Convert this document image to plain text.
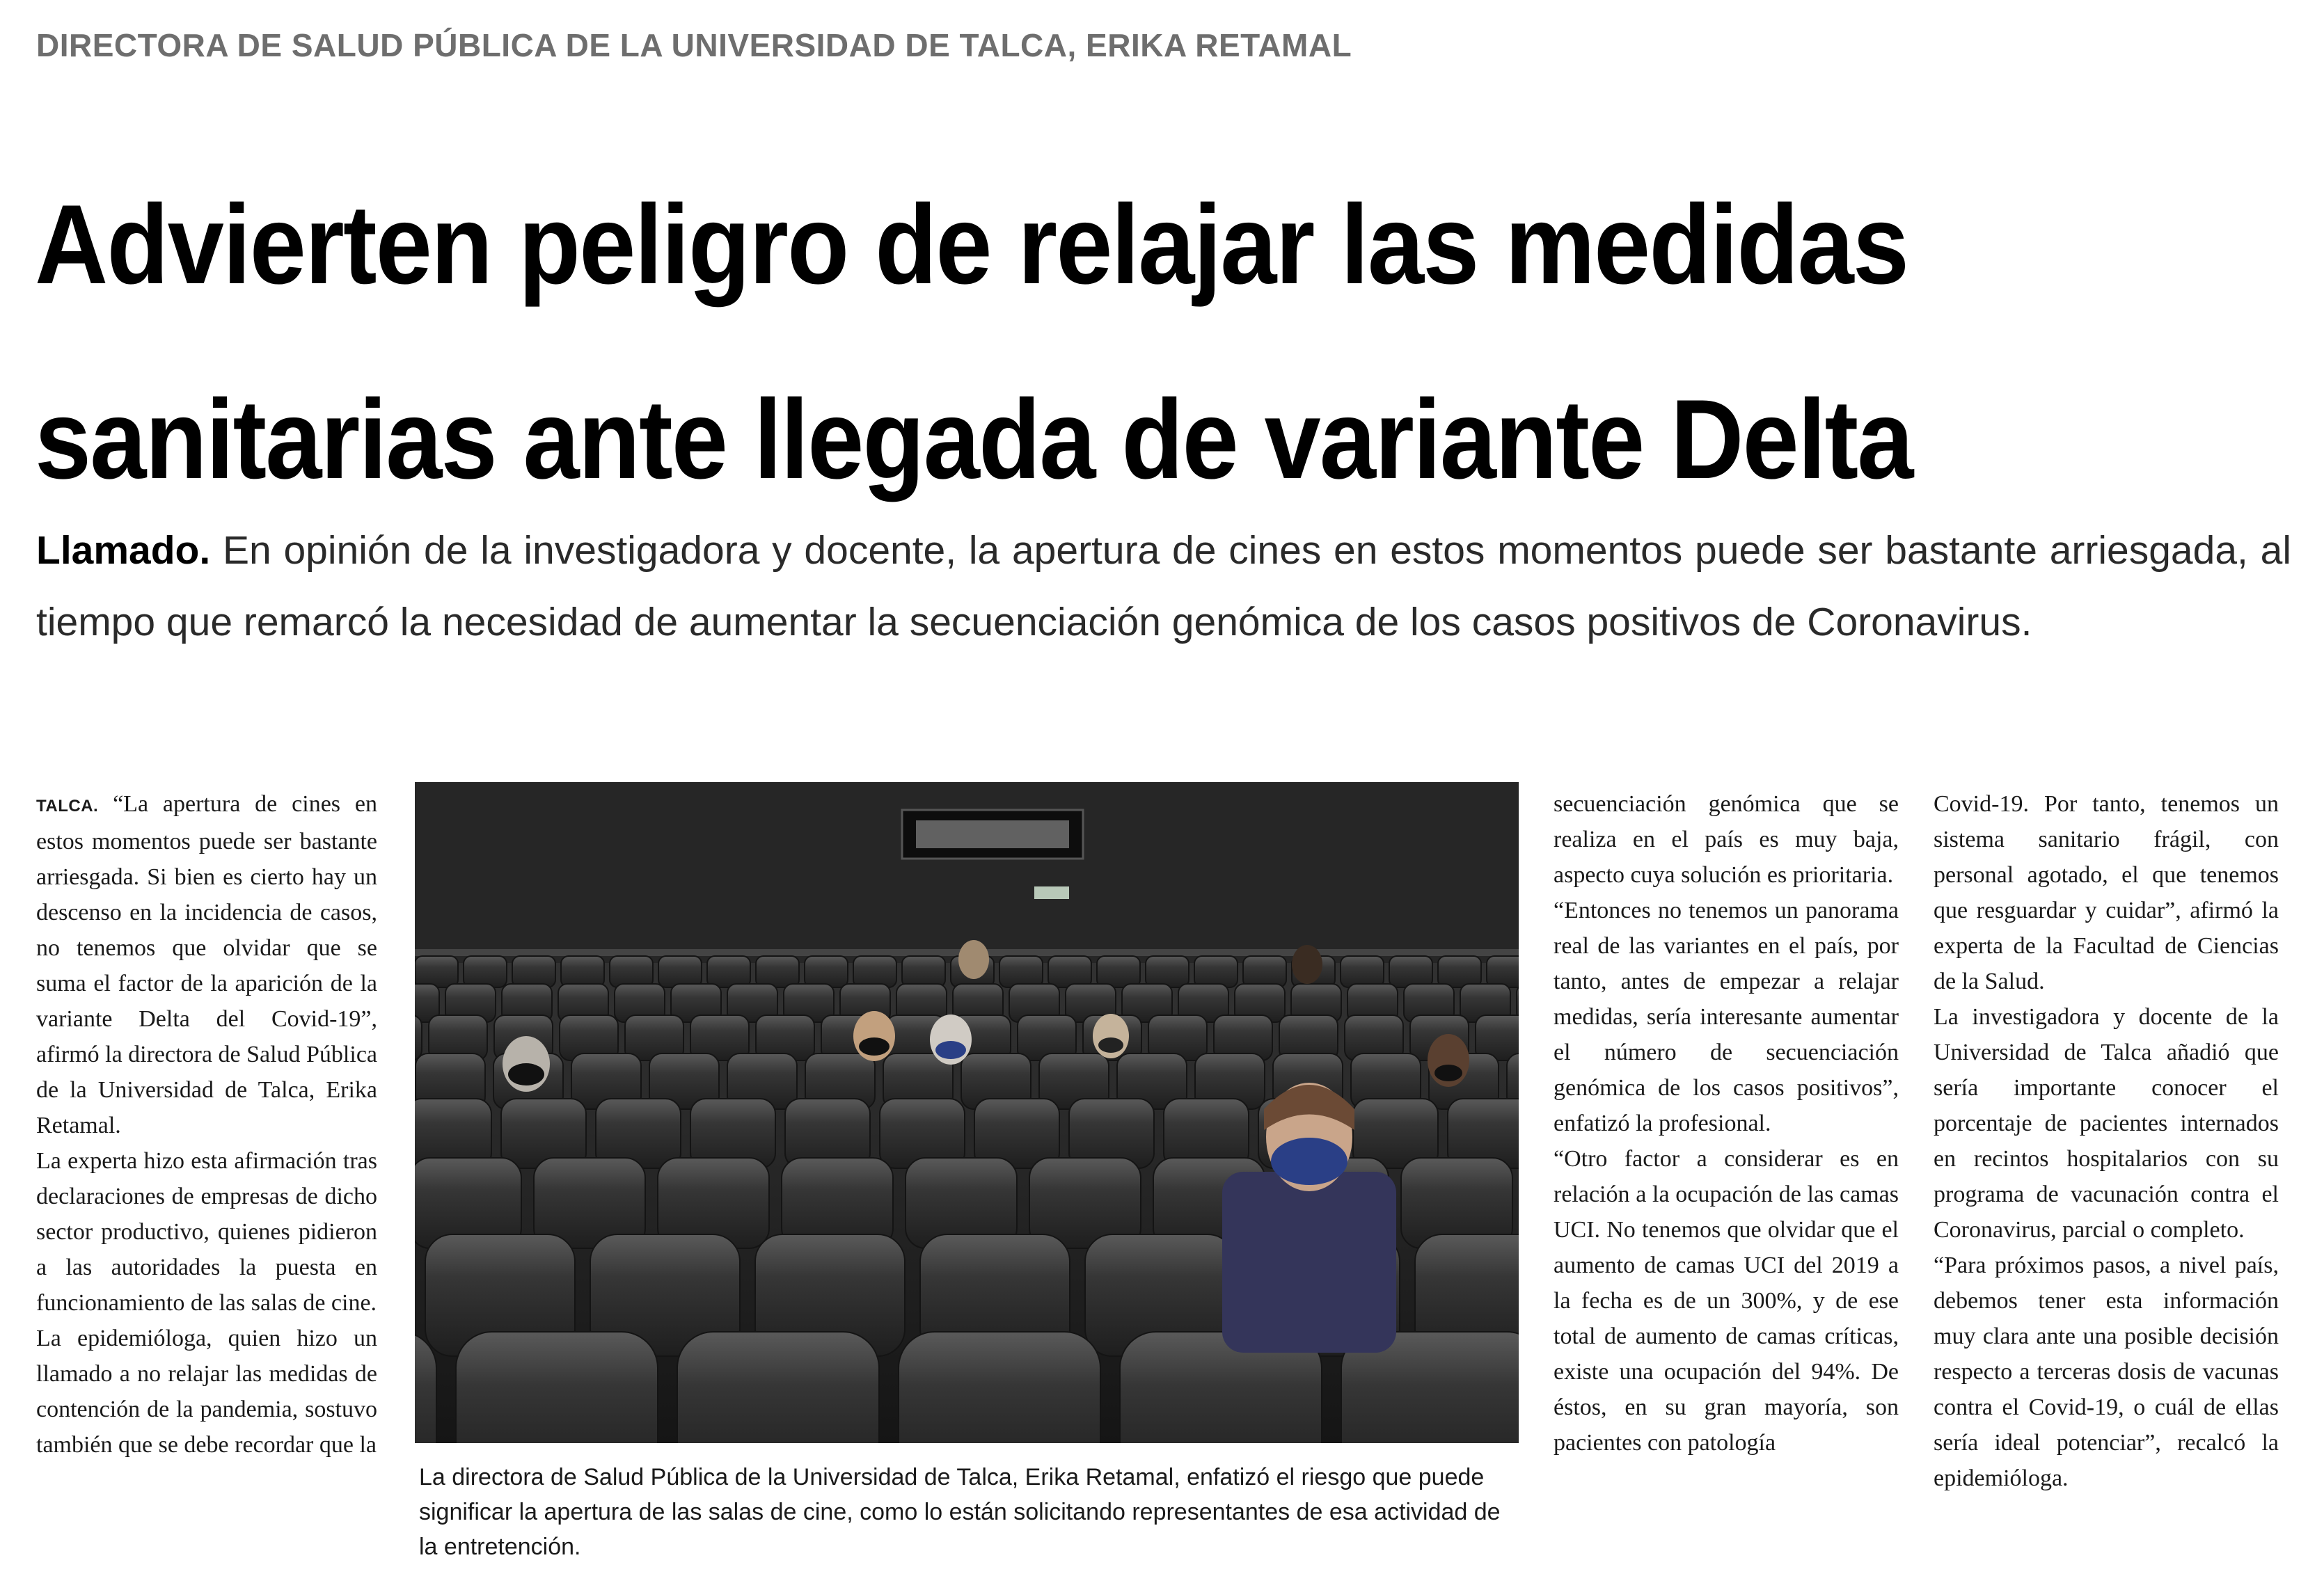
DIRECTORA DE SALUD PÚBLICA DE LA UNIVERSIDAD DE TALCA, ERIKA RETAMAL
Advierten peligro de relajar las medidas
sanitarias ante llegada de variante Delta

Llamado. En opinión de la investigadora y docente, la apertura de cines en estos momentos puede ser bastante arriesgada, al tiempo que remarcó la necesidad de aumentar la secuenciación genómica de los casos positivos de Coronavirus.

TALCA. “La apertura de cines en estos momentos puede ser bastante arriesgada. Si bien es cierto hay un descenso en la incidencia de casos, no tenemos que olvidar que se suma el factor de la aparición de la variante Delta del Covid-19”, afirmó la directora de Salud Pública de la Universidad de Talca, Erika Retamal.

La experta hizo esta afirmación tras declaraciones de empresas de dicho sector productivo, quienes pidieron a las autoridades la puesta en funcionamiento de las salas de cine.

La epidemióloga, quien hizo un llamado a no relajar las medidas de contención de la pandemia, sostuvo también que se debe recordar que la

La directora de Salud Pública de la Universidad de Talca, Erika Retamal, enfatizó el riesgo que puede significar la apertura de las salas de cine, como lo están solicitando representantes de esa actividad de la entretención.

secuenciación genómica que se realiza en el país es muy baja, aspecto cuya solución es prioritaria.

“Entonces no tenemos un panorama real de las variantes en el país, por tanto, antes de empezar a relajar medidas, sería interesante aumentar el número de secuenciación genómica de los casos positivos”, enfatizó la profesional.

“Otro factor a considerar es en relación a la ocupación de las camas UCI. No tenemos que olvidar que el aumento de camas UCI del 2019 a la fecha es de un 300%, y de ese total de aumento de camas críticas, existe una ocupación del 94%. De éstos, en su gran mayoría, son pacientes con patología

Covid-19. Por tanto, tenemos un sistema sanitario frágil, con personal agotado, el que tenemos que resguardar y cuidar”, afirmó la experta de la Facultad de Ciencias de la Salud.

La investigadora y docente de la Universidad de Talca añadió que sería importante conocer el porcentaje de pacientes internados en recintos hospitalarios con su programa de vacunación contra el Coronavirus, parcial o completo.

“Para próximos pasos, a nivel país, debemos tener esta información muy clara ante una posible decisión respecto a terceras dosis de vacunas contra el Covid-19, o cuál de ellas sería ideal potenciar”, recalcó la epidemióloga.
